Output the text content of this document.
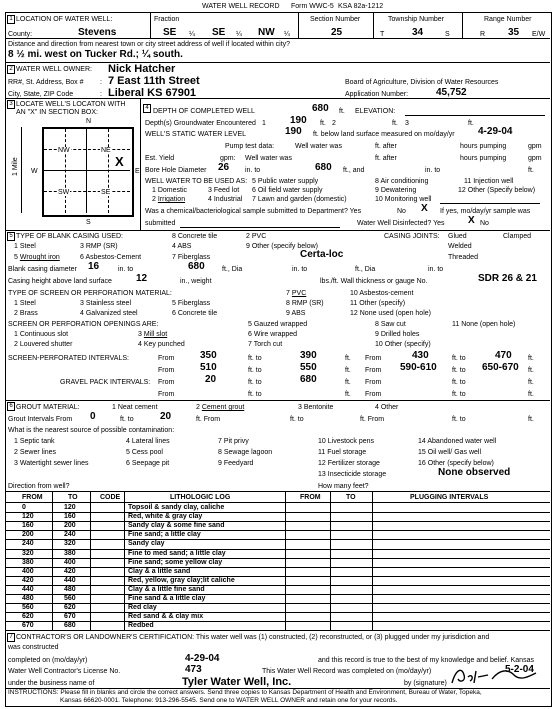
WATER WELL RECORD Form WWC-5 KSA 82a-1212
1 LOCATION OF WATER WELL:
County:	Stevens
Fraction
SE ¼ SE ¼ NW ¼
Section Number
25
Township Number
T	34	S
Range Number
R 35 E/W
Distance and direction from nearest town or city street address of well if located within city?
8 ½ mi. west on Tucker Rd.; ¼ south.
2 WATER WELL OWNER: Nick Hatcher
RR#, St. Address, Box # : 7 East 11th Street	Board of Agriculture, Division of Water Resources
City, State, ZIP Code	: Liberal KS 67901	Application Number:	45,752
3 LOCATE WELL'S LOCATON WITH
AN "X" IN SECTION BOX:
N
S
W	E
NW	NE
SW	SE
X
1 Mile
4 DEPTH OF COMPLETED WELL	680 ft. ELEVATION:
Depth(s) Groundwater Encountered 1 190 ft. 2	ft. 3	ft.
WELL'S STATIC WATER LEVEL	190 ft. below land surface measured on mo/day/yr 4-29-04
Pump test data:	Well water was	ft. after	hours pumping	gpm
Est. Yield	gpm: Well water was	ft. after	hours pumping	gpm
Bore Hole Diameter 26 in. to	680 ft., and	in. to	ft.
WELL WATER TO BE USED AS: 5 Public water supply	8 Air conditioning	11 Injection well
1 Domestic	3 Feed lot 6 Oil field water supply	9 Dewatering	12 Other (Specify below)
2 Irrigation	4 Industrial 7 Lawn and garden (domestic)	10 Monitoring well
Was a chemical/bacteriological sample submitted to Department? Yes	No X If yes, mo/day/yr sample was
submitted	Water Well Disinfected? Yes X No
5 TYPE OF BLANK CASING USED:	8 Concrete tile	2 PVC	CASING JOINTS: Glued	Clamped
1 Steel	3 RMP (SR)	4 ABS	9 Other (specify below)	Welded
5 Wrought iron	6 Asbestos-Cement	7 Fiberglass	Certa-loc	Threaded
Blank casing diameter 16	in. to	680 ft., Dia	in. to	ft., Dia	in. to
Casing height above land surface 12	in., weight	lbs./ft. Wall thickness or gauge No.	SDR 26 & 21
TYPE OF SCREEN OR PERFORATION MATERIAL:	7 PVC	10 Asbestos-cement
1 Steel	3 Stainless steel	5 Fiberglass	8 RMP (SR)	11 Other (specify)
2 Brass	4 Galvanized steel	6 Concrete tile	9 ABS	12 None used (open hole)
SCREEN OR PERFORATION OPENINGS ARE:	5 Gauzed wrapped	8 Saw cut	11 None (open hole)
1 Continuous slot	3 Mill slot	6 Wire wrapped	9 Drilled holes
2 Louvered shutter	4 Key punched	7 Torch cut	10 Other (specify)
SCREEN-PERFORATED INTERVALS:	From	350	ft. to	390	ft. From	430	ft. to	470 ft.
From	510	ft. to	550	ft. From 590-610 ft. to 650-670 ft.
GRAVEL PACK INTERVALS: From	20	ft. to	680	ft. From	ft. to	ft.
From	ft. to	ft. From	ft. to	ft.
6 GROUT MATERIAL:	1 Neat cement	2 Cement grout	3 Bentonite	4 Other
Grout Intervals From 0	ft. to	20	ft. From	ft. to	ft. From	ft. to	ft.
What is the nearest source of possible contamination:
1 Septic tank	4 Lateral lines	7 Pit privy	10 Livestock pens	14 Abandoned water well
2 Sewer lines	5 Cess pool	8 Sewage lagoon	11 Fuel storage	15 Oil well/ Gas well
3 Watertight sewer lines	6 Seepage pit	9 Feedyard	12 Fertilizer storage	16 Other (specify below)
13 Insecticide storage	None observed
Direction from well?	How many feet?
FROM	TO	CODE	LITHOLOGIC LOG	FROM	TO	PLUGGING INTERVALS
0	120	Topsoil & sandy clay, caliche
120	160	Red, white & gray clay
160	200	Sandy clay & some fine sand
200	240	Fine sand; a little clay
240	320	Sandy clay
320	380	Fine to med sand; a little clay
380	400	Fine sand; some yellow clay
400	420	Clay & a little sand
420	440	Red, yellow, gray clay;lit caliche
440	480	Clay & a little fine sand
480	560	Fine sand & a little clay
560	620	Red clay
620	670	Red sand & & clay mix
670	680	Redbed
7 CONTRACTOR'S OR LANDOWNER'S CERTIFICATION: This water well was (1) constructed, (2) reconstructed, or (3) plugged under my jurisdiction and
was constructed
completed on (mo/day/yr)	4-29-04	and this record is true to the best of my knowledge and belief. Kansas
Water Well Contractor's License No.	473	This Water Well Record was completed on (mo/day/yr)	5-2-04
under the business name of	Tyler Water Well, Inc.	by (signature)
INSTRUCTIONS: Please fill in blanks and circle the correct answers. Send three copies to Kansas Department of Health and Environment, Bureau of Water, Topeka,
Kansas 66620-0001. Telephone: 913-296-5545. Send one to WATER WELL OWNER and retain one for your records.
